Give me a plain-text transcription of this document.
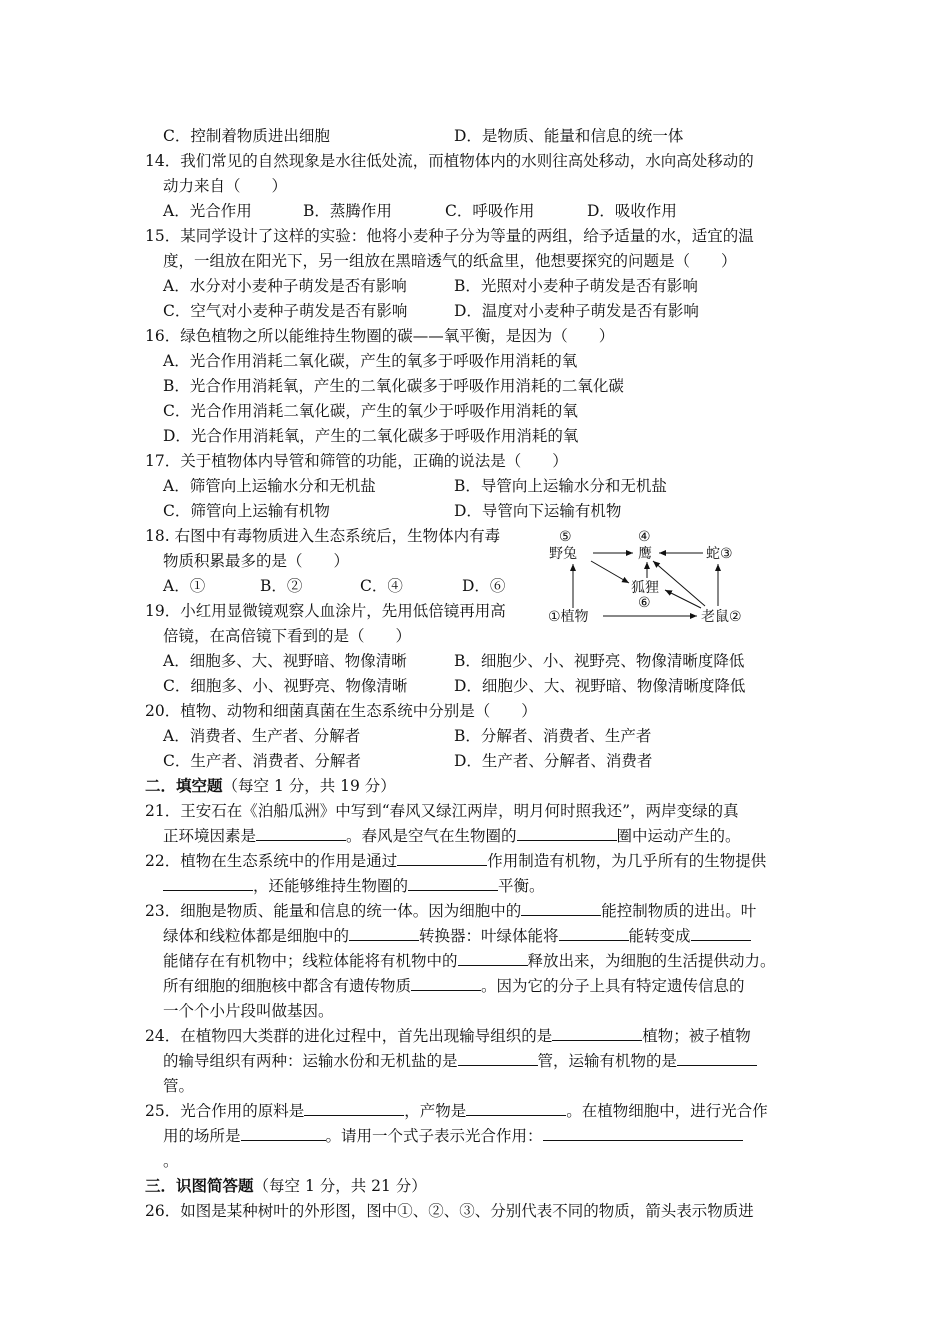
C．控制着物质进出细胞	D．是物质、能量和信息的统一体
14．我们常见的自然现象是水往低处流，而植物体内的水则往高处移动，水向高处移动的
动力来自（　　）
A．光合作用	B．蒸腾作用	C．呼吸作用	D．吸收作用
15．某同学设计了这样的实验：他将小麦种子分为等量的两组，给予适量的水，适宜的温
度，一组放在阳光下，另一组放在黑暗透气的纸盒里，他想要探究的问题是（　　）
A．水分对小麦种子萌发是否有影响	B．光照对小麦种子萌发是否有影响
C．空气对小麦种子萌发是否有影响	D．温度对小麦种子萌发是否有影响
16．绿色植物之所以能维持生物圈的碳——氧平衡，是因为（　　）
A．光合作用消耗二氧化碳，产生的氧多于呼吸作用消耗的氧
B．光合作用消耗氧，产生的二氧化碳多于呼吸作用消耗的二氧化碳
C．光合作用消耗二氧化碳，产生的氧少于呼吸作用消耗的氧
D．光合作用消耗氧，产生的二氧化碳多于呼吸作用消耗的氧
17．关于植物体内导管和筛管的功能，正确的说法是（　　）
A．筛管向上运输水分和无机盐	B．导管向上运输水分和无机盐
C．筛管向上运输有机物	D．导管向下运输有机物
18. 右图中有毒物质进入生态系统后，生物体内有毒
物质积累最多的是（　　）
A．①	B．②	C．④	D．⑥
⑤
野兔
④
鹰	蛇③
狐狸
⑥
①植物	老鼠②
19．小红用显微镜观察人血涂片，先用低倍镜再用高
倍镜，在高倍镜下看到的是（　　）
A．细胞多、大、视野暗、物像清晰	B．细胞少、小、视野亮、物像清晰度降低
C．细胞多、小、视野亮、物像清晰	D．细胞少、大、视野暗、物像清晰度降低
20．植物、动物和细菌真菌在生态系统中分别是（　　）
A．消费者、生产者、分解者	B．分解者、消费者、生产者
C．生产者、消费者、分解者	D．生产者、分解者、消费者
二．填空题（每空 1 分，共 19 分）
21．王安石在《泊船瓜洲》中写到“春风又绿江两岸，明月何时照我还”，两岸变绿的真
正环境因素是	。春风是空气在生物圈的	圈中运动产生的。
22．植物在生态系统中的作用是通过	作用制造有机物，为几乎所有的生物提供
，还能够维持生物圈的	平衡。
23．细胞是物质、能量和信息的统一体。因为细胞中的	能控制物质的进出。叶
绿体和线粒体都是细胞中的	转换器：叶绿体能将	能转变成
能储存在有机物中；线粒体能将有机物中的	释放出来，为细胞的生活提供动力。
所有细胞的细胞核中都含有遗传物质	。因为它的分子上具有特定遗传信息的
一个个小片段叫做基因。
24．在植物四大类群的进化过程中，首先出现输导组织的是	植物；被子植物
的输导组织有两种：运输水份和无机盐的是	管，运输有机物的是
管。
25．光合作用的原料是	，产物是	。在植物细胞中，进行光合作
用的场所是	。请用一个式子表示光合作用：
。
三．识图简答题（每空 1 分，共 21 分）
26．如图是某种树叶的外形图，图中①、②、③、分别代表不同的物质，箭头表示物质进
